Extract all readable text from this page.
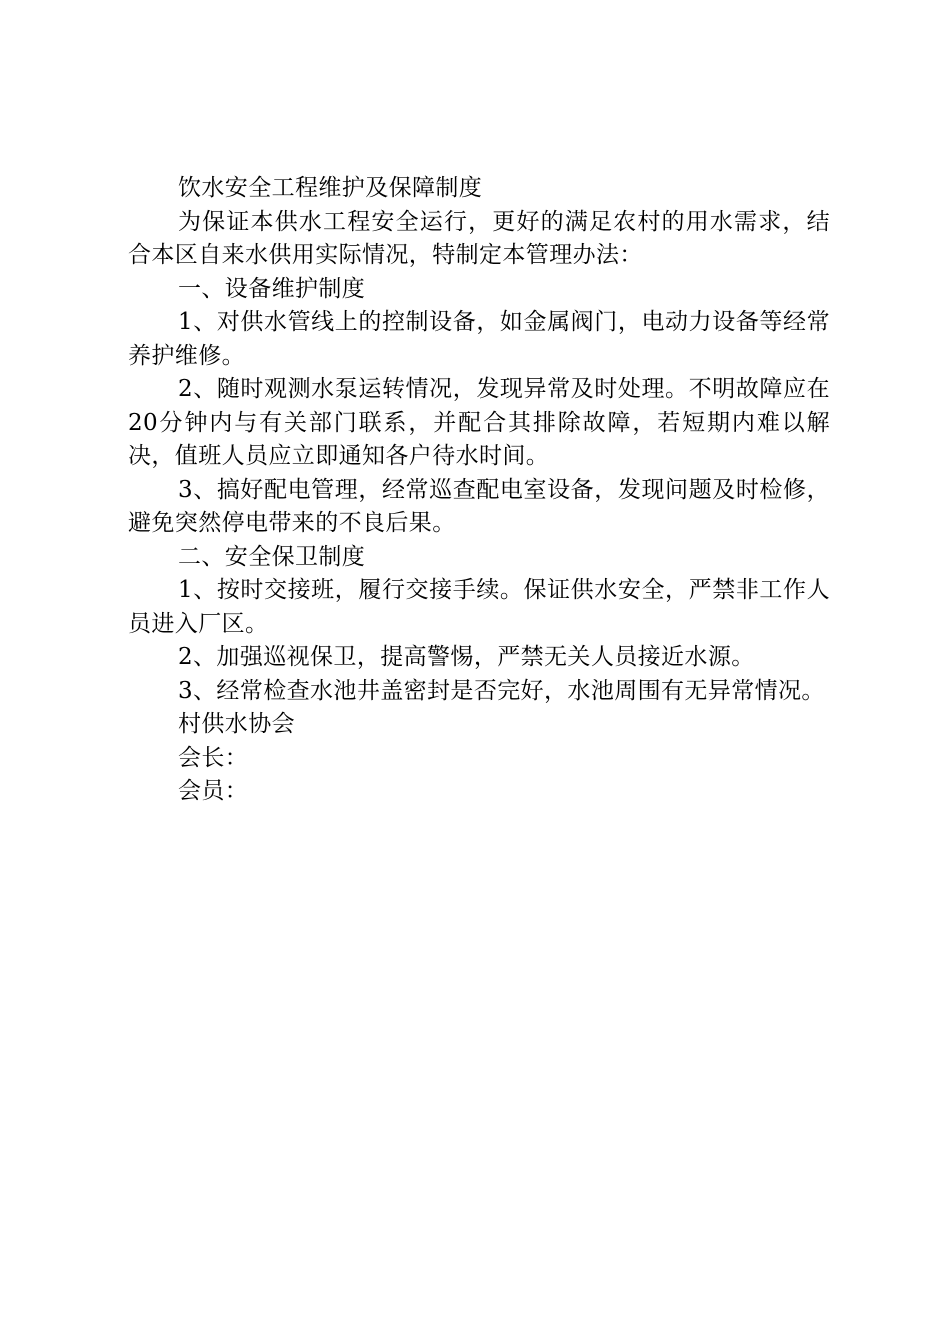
饮水安全工程维护及保障制度

为保证本供水工程安全运行，更好的满足农村的用水需求，结合本区自来水供用实际情况，特制定本管理办法：

一、设备维护制度

1、对供水管线上的控制设备，如金属阀门，电动力设备等经常养护维修。

2、随时观测水泵运转情况，发现异常及时处理。不明故障应在20分钟内与有关部门联系，并配合其排除故障，若短期内难以解决，值班人员应立即通知各户待水时间。

3、搞好配电管理，经常巡查配电室设备，发现问题及时检修，避免突然停电带来的不良后果。

二、安全保卫制度

1、按时交接班，履行交接手续。保证供水安全，严禁非工作人员进入厂区。

2、加强巡视保卫，提高警惕，严禁无关人员接近水源。

3、经常检查水池井盖密封是否完好，水池周围有无异常情况。

村供水协会

会长：

会员：
